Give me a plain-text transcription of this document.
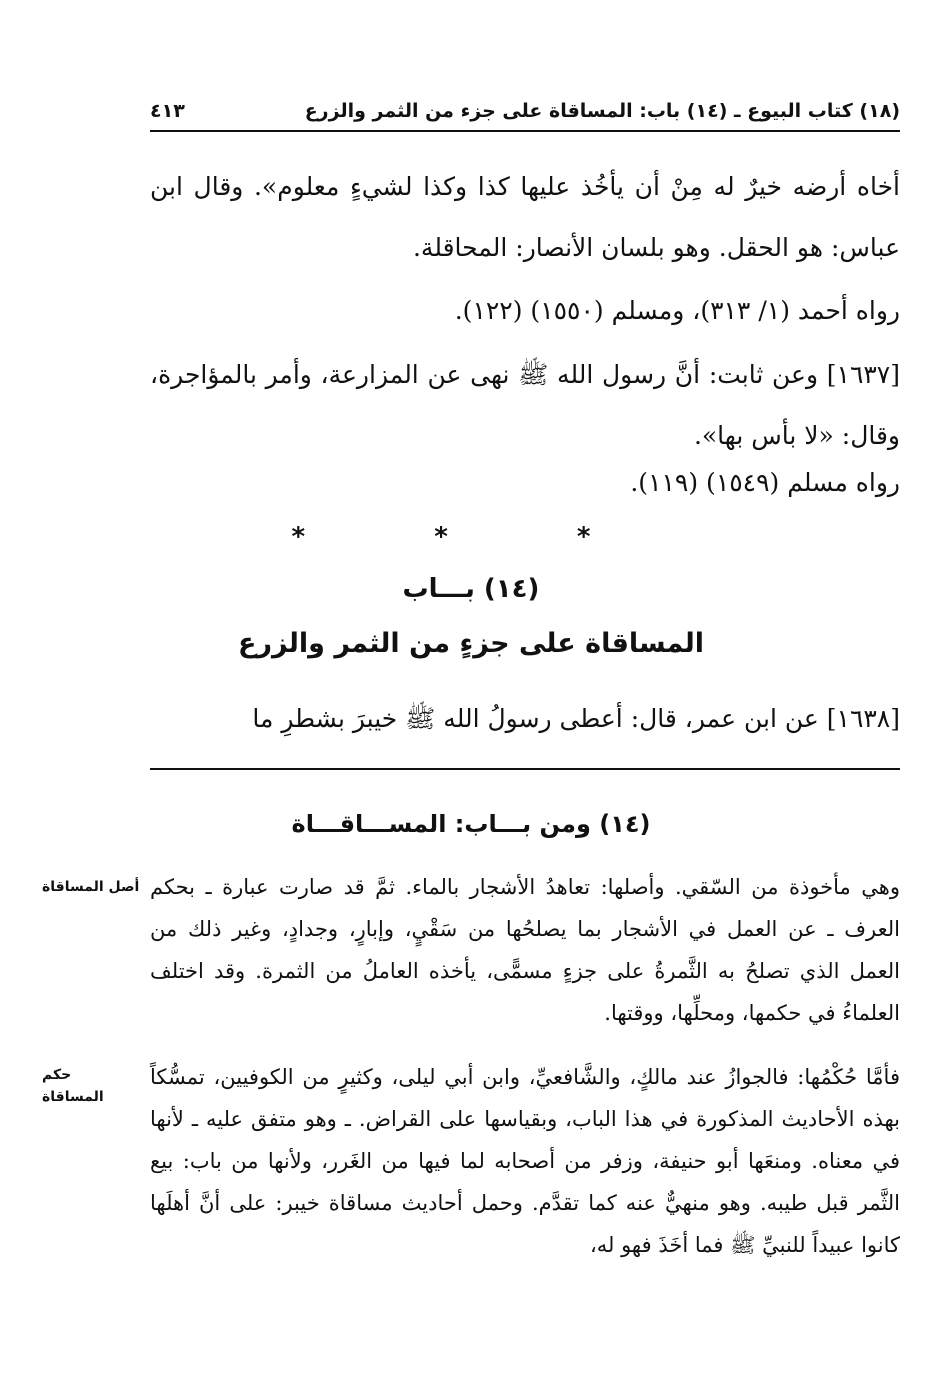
(١٨) كتاب البيوع ـ (١٤) باب: المساقاة على جزء من الثمر والزرع
٤١٣
أخاه أرضه خيرٌ له مِنْ أن يأخُذ عليها كذا وكذا لشيءٍ معلوم». وقال ابن عباس: هو الحقل. وهو بلسان الأنصار: المحاقلة.
رواه أحمد (١/ ٣١٣)، ومسلم (١٥٥٠) (١٢٢).
[١٦٣٧] وعن ثابت: أنَّ رسول الله ﷺ نهى عن المزارعة، وأمر بالمؤاجرة، وقال: «لا بأس بها».
رواه مسلم (١٥٤٩) (١١٩).
* * *
(١٤) بـــاب
المساقاة على جزءٍ من الثمر والزرع
[١٦٣٨] عن ابن عمر، قال: أعطى رسولُ الله ﷺ خيبرَ بشطرِ ما
(١٤) ومن بـــاب: المســـاقـــاة
وهي مأخوذة من السّقي. وأصلها: تعاهدُ الأشجار بالماء. ثمَّ قد صارت عبارة ـ بحكم العرف ـ عن العمل في الأشجار بما يصلحُها من سَقْيٍ، وإبارٍ، وجدادٍ، وغير ذلك من العمل الذي تصلحُ به الثَّمرةُ على جزءٍ مسمًّى، يأخذه العاملُ من الثمرة. وقد اختلف العلماءُ في حكمها، ومحلِّها، ووقتها.
فأمَّا حُكْمُها: فالجوازُ عند مالكٍ، والشَّافعيِّ، وابن أبي ليلى، وكثيرٍ من الكوفيين، تمسُّكاً بهذه الأحاديث المذكورة في هذا الباب، وبقياسها على القراض. ـ وهو متفق عليه ـ لأنها في معناه. ومنعَها أبو حنيفة، وزفر من أصحابه لما فيها من الغَرر، ولأنها من باب: بيع الثَّمر قبل طيبه. وهو منهيٌّ عنه كما تقدَّم. وحمل أحاديث مساقاة خيبر: على أنَّ أهلَها كانوا عبيداً للنبيِّ ﷺ فما أخَذَ فهو له،
أصل المساقاة
حكم
المساقاة
